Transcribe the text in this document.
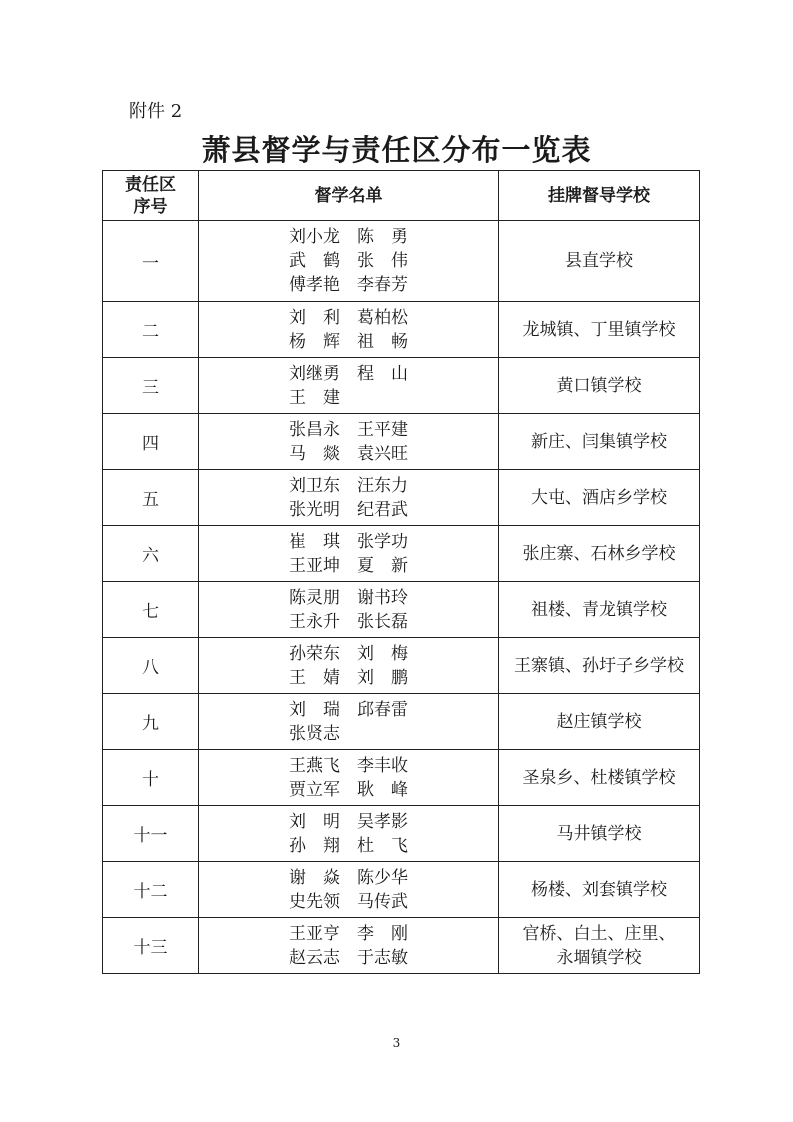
附件 2
萧县督学与责任区分布一览表
责任区
序号	督学名单	挂牌督导学校
一	刘小龙　陈　勇
武　鹤　张　伟
傅孝艳　李春芳	县直学校

二	刘　利　葛柏松
杨　辉　祖　畅	龙城镇、丁里镇学校

三	刘继勇　程　山
王　建	黄口镇学校

四	张昌永　王平建
马　燚　袁兴旺	新庄、闫集镇学校

五	刘卫东　汪东力
张光明　纪君武	大屯、酒店乡学校

六	崔　琪　张学功
王亚坤　夏　新	张庄寨、石林乡学校

七	陈灵朋　谢书玲
王永升　张长磊	祖楼、青龙镇学校

八	孙荣东　刘　梅
王　婧　刘　鹏	王寨镇、孙圩子乡学校

九	刘　瑞　邱春雷
张贤志	赵庄镇学校

十	王燕飞　李丰收
贾立军　耿　峰	圣泉乡、杜楼镇学校

十一	刘　明　吴孝影
孙　翔　杜　飞	马井镇学校

十二	谢　焱　陈少华
史先领　马传武	杨楼、刘套镇学校

十三	王亚亨　李　刚
赵云志　于志敏	官桥、白土、庄里、
永堌镇学校
3
